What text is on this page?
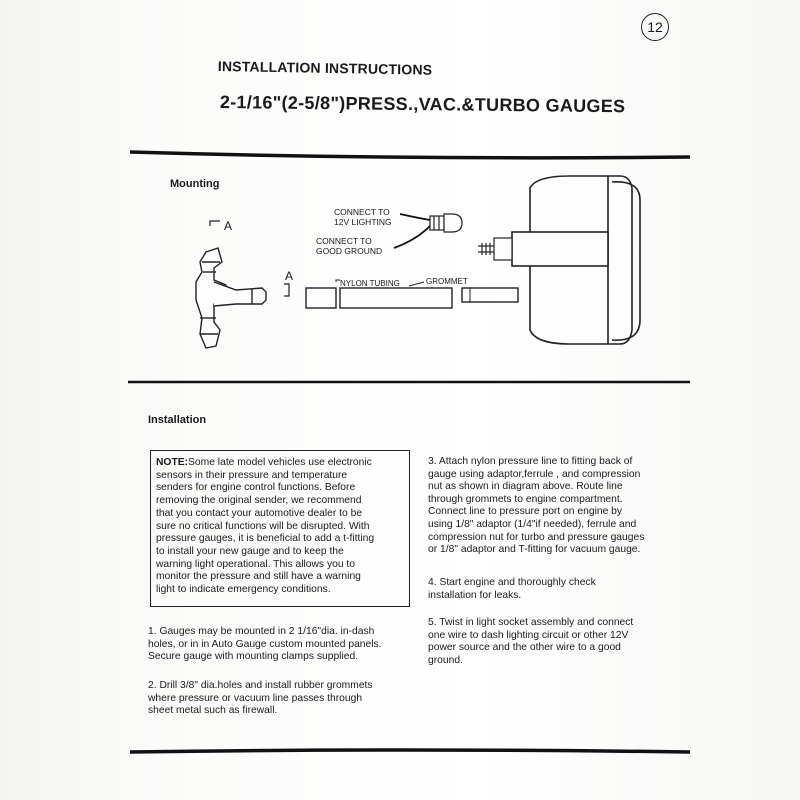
12
INSTALLATION INSTRUCTIONS
2-1/16"(2-5/8")PRESS.,VAC.&TURBO GAUGES
A
A
NYLON TUBING	GROMMET
CONNECT TO
12V LIGHTING
CONNECT TO
GOOD GROUND
Mounting
Installation
NOTE:Some late model vehicles use electronic
sensors in their pressure and temperature
senders for engine control functions. Before
removing the original sender, we recommend
that you contact your automotive dealer to be
sure no critical functions will be disrupted. With
pressure gauges, it is beneficial to add a t-fitting
to install your new gauge and to keep the
warning light operational. This allows you to
monitor the pressure and still have a warning
light to indicate emergency conditions.
1. Gauges may be mounted in 2 1/16"dia. in-dash
holes, or in in Auto Gauge custom mounted panels.
Secure gauge with mounting clamps supplied.
2. Drill 3/8" dia.holes and install rubber grommets
where pressure or vacuum line passes through
sheet metal such as firewall.
3. Attach nylon pressure line to fitting back of
gauge using adaptor,ferrule , and compression
nut as shown in diagram above. Route line
through grommets to engine compartment.
Connect line to pressure port on engine by
using 1/8" adaptor (1/4"if needed), ferrule and
compression nut for turbo and pressure gauges
or 1/8" adaptor and T-fitting for vacuum gauge.
4. Start engine and thoroughly check
installation for leaks.
5. Twist in light socket assembly and connect
one wire to dash lighting circuit or other 12V
power source and the other wire to a good
ground.
